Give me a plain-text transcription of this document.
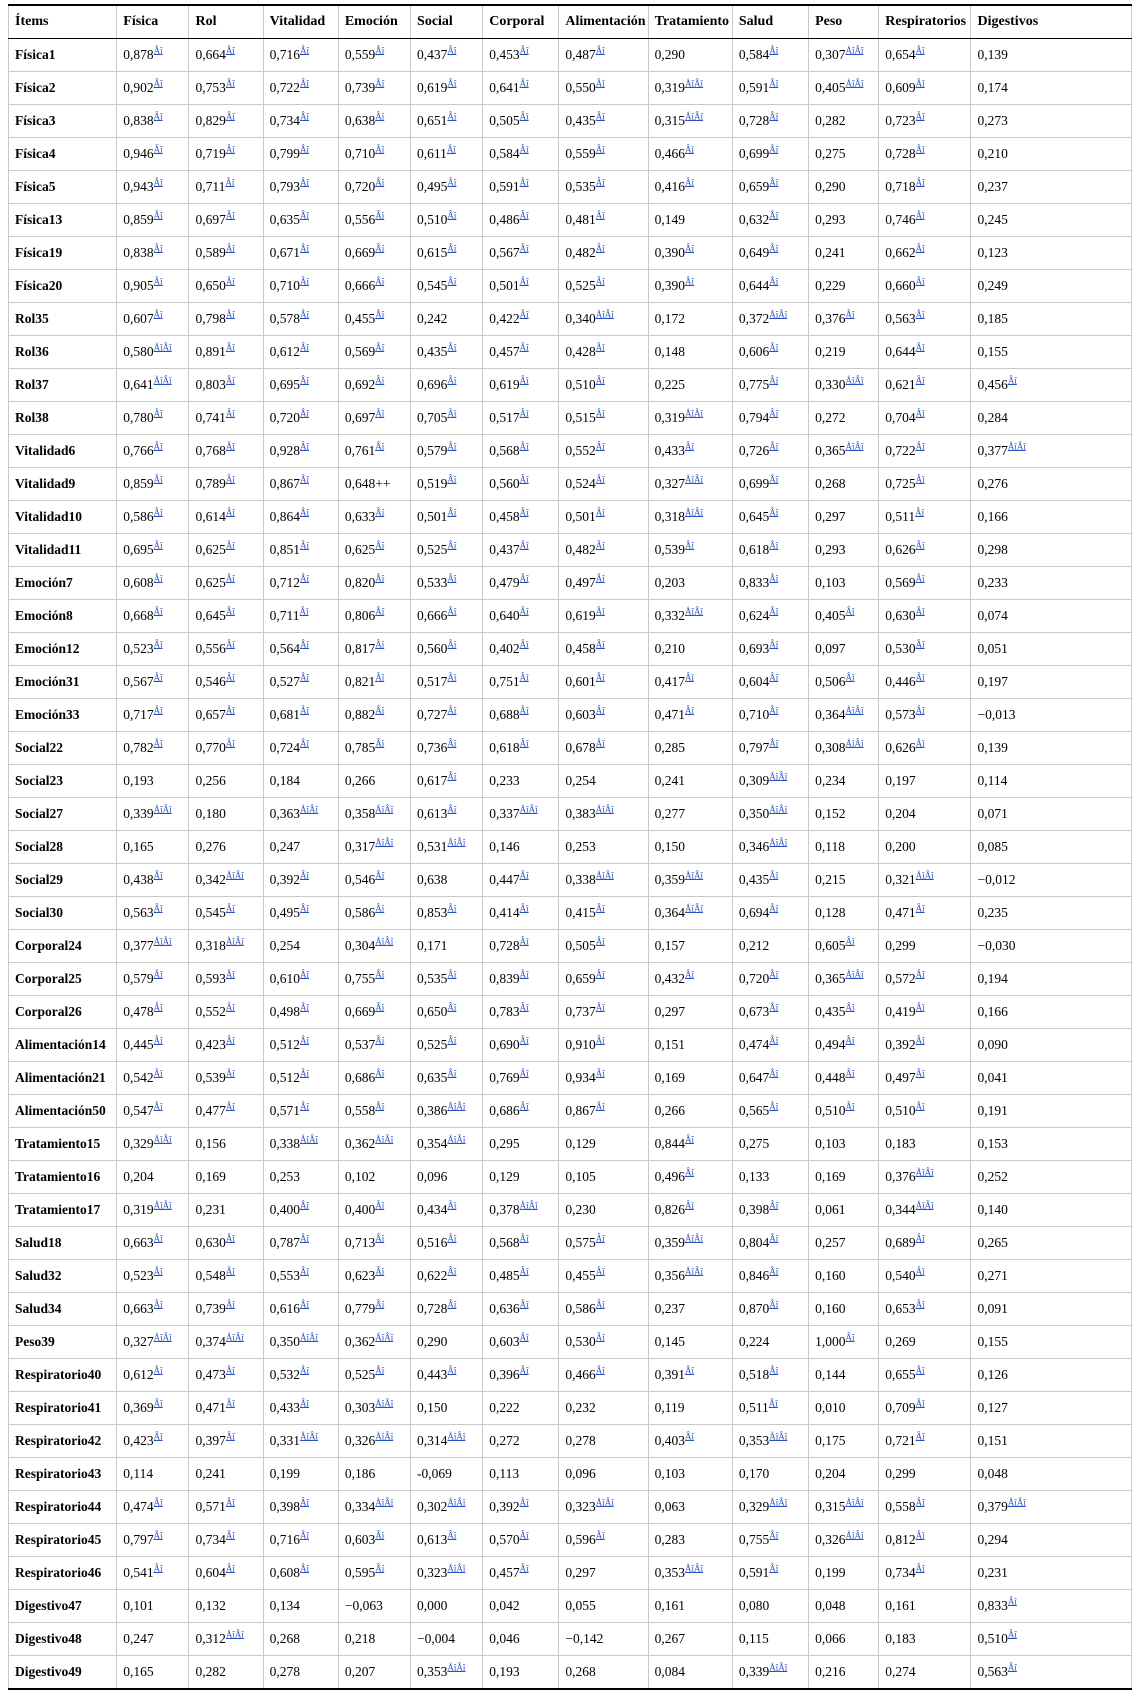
Ítems	Física	Rol	Vitalidad	Emoción	Social	Corporal	Alimentación	Tratamiento	Salud	Peso	Respiratorios	Digestivos
Física1	0,878$^{Âî}$	0,664$^{Âî}$	0,716$^{Âî}$	0,559$^{Âî}$	0,437$^{Âî}$	0,453$^{Âî}$	0,487$^{Âî}$	0,290	0,584$^{Âî}$	0,307$^{ÅîÂî}$	0,654$^{Âî}$	0,139
Física2	0,902$^{Âî}$	0,753$^{Âî}$	0,722$^{Âî}$	0,739$^{Âî}$	0,619$^{Âî}$	0,641$^{Âî}$	0,550$^{Âî}$	0,319$^{ÅîÂî}$	0,591$^{Âî}$	0,405$^{ÅîÂî}$	0,609$^{Âî}$	0,174
Física3	0,838$^{Âî}$	0,829$^{Âî}$	0,734$^{Âî}$	0,638$^{Âî}$	0,651$^{Âî}$	0,505$^{Âî}$	0,435$^{Âî}$	0,315$^{ÅîÂî}$	0,728$^{Âî}$	0,282	0,723$^{Âî}$	0,273
Física4	0,946$^{Âî}$	0,719$^{Âî}$	0,799$^{Âî}$	0,710$^{Âî}$	0,611$^{Âî}$	0,584$^{Âî}$	0,559$^{Âî}$	0,466$^{Âî}$	0,699$^{Âî}$	0,275	0,728$^{Âî}$	0,210
Física5	0,943$^{Âî}$	0,711$^{Âî}$	0,793$^{Âî}$	0,720$^{Âî}$	0,495$^{Âî}$	0,591$^{Âî}$	0,535$^{Âî}$	0,416$^{Âî}$	0,659$^{Âî}$	0,290	0,718$^{Âî}$	0,237
Física13	0,859$^{Âî}$	0,697$^{Âî}$	0,635$^{Âî}$	0,556$^{Âî}$	0,510$^{Âî}$	0,486$^{Âî}$	0,481$^{Âî}$	0,149	0,632$^{Âî}$	0,293	0,746$^{Âî}$	0,245
Física19	0,838$^{Âî}$	0,589$^{Âî}$	0,671$^{Âî}$	0,669$^{Âî}$	0,615$^{Âî}$	0,567$^{Âî}$	0,482$^{Âî}$	0,390$^{Âî}$	0,649$^{Âî}$	0,241	0,662$^{Âî}$	0,123
Física20	0,905$^{Âî}$	0,650$^{Âî}$	0,710$^{Âî}$	0,666$^{Âî}$	0,545$^{Âî}$	0,501$^{Âî}$	0,525$^{Âî}$	0,390$^{Âî}$	0,644$^{Âî}$	0,229	0,660$^{Âî}$	0,249
Rol35	0,607$^{Âî}$	0,798$^{Âî}$	0,578$^{Âî}$	0,455$^{Âî}$	0,242	0,422$^{Âî}$	0,340$^{ÅîÂî}$	0,172	0,372$^{ÅîÂî}$	0,376$^{Âî}$	0,563$^{Âî}$	0,185
Rol36	0,580$^{ÅîÂî}$	0,891$^{Âî}$	0,612$^{Âî}$	0,569$^{Âî}$	0,435$^{Âî}$	0,457$^{Âî}$	0,428$^{Âî}$	0,148	0,606$^{Âî}$	0,219	0,644$^{Âî}$	0,155
Rol37	0,641$^{ÅîÂî}$	0,803$^{Âî}$	0,695$^{Âî}$	0,692$^{Âî}$	0,696$^{Âî}$	0,619$^{Âî}$	0,510$^{Âî}$	0,225	0,775$^{Âî}$	0,330$^{ÅîÂî}$	0,621$^{Âî}$	0,456$^{Âî}$
Rol38	0,780$^{Âî}$	0,741$^{Âî}$	0,720$^{Âî}$	0,697$^{Âî}$	0,705$^{Âî}$	0,517$^{Âî}$	0,515$^{Âî}$	0,319$^{ÅîÂî}$	0,794$^{Âî}$	0,272	0,704$^{Âî}$	0,284
Vitalidad6	0,766$^{Âî}$	0,768$^{Âî}$	0,928$^{Âî}$	0,761$^{Âî}$	0,579$^{Âî}$	0,568$^{Âî}$	0,552$^{Âî}$	0,433$^{Âî}$	0,726$^{Âî}$	0,365$^{ÅîÂî}$	0,722$^{Âî}$	0,377$^{ÅîÂî}$
Vitalidad9	0,859$^{Âî}$	0,789$^{Âî}$	0,867$^{Âî}$	0,648++	0,519$^{Âî}$	0,560$^{Âî}$	0,524$^{Âî}$	0,327$^{ÅîÂî}$	0,699$^{Âî}$	0,268	0,725$^{Âî}$	0,276
Vitalidad10	0,586$^{Âî}$	0,614$^{Âî}$	0,864$^{Âî}$	0,633$^{Âî}$	0,501$^{Âî}$	0,458$^{Âî}$	0,501$^{Âî}$	0,318$^{ÅîÂî}$	0,645$^{Âî}$	0,297	0,511$^{Âî}$	0,166
Vitalidad11	0,695$^{Âî}$	0,625$^{Âî}$	0,851$^{Âî}$	0,625$^{Âî}$	0,525$^{Âî}$	0,437$^{Âî}$	0,482$^{Âî}$	0,539$^{Âî}$	0,618$^{Âî}$	0,293	0,626$^{Âî}$	0,298
Emoción7	0,608$^{Âî}$	0,625$^{Âî}$	0,712$^{Âî}$	0,820$^{Âî}$	0,533$^{Âî}$	0,479$^{Âî}$	0,497$^{Âî}$	0,203	0,833$^{Âî}$	0,103	0,569$^{Âî}$	0,233
Emoción8	0,668$^{Âî}$	0,645$^{Âî}$	0,711$^{Âî}$	0,806$^{Âî}$	0,666$^{Âî}$	0,640$^{Âî}$	0,619$^{Âî}$	0,332$^{ÅîÂî}$	0,624$^{Âî}$	0,405$^{Âî}$	0,630$^{Âî}$	0,074
Emoción12	0,523$^{Âî}$	0,556$^{Âî}$	0,564$^{Âî}$	0,817$^{Âî}$	0,560$^{Âî}$	0,402$^{Âî}$	0,458$^{Âî}$	0,210	0,693$^{Âî}$	0,097	0,530$^{Âî}$	0,051
Emoción31	0,567$^{Âî}$	0,546$^{Âî}$	0,527$^{Âî}$	0,821$^{Âî}$	0,517$^{Âî}$	0,751$^{Âî}$	0,601$^{Âî}$	0,417$^{Âî}$	0,604$^{Âî}$	0,506$^{Âî}$	0,446$^{Âî}$	0,197
Emoción33	0,717$^{Âî}$	0,657$^{Âî}$	0,681$^{Âî}$	0,882$^{Âî}$	0,727$^{Âî}$	0,688$^{Âî}$	0,603$^{Âî}$	0,471$^{Âî}$	0,710$^{Âî}$	0,364$^{ÅîÂî}$	0,573$^{Âî}$	−0,013
Social22	0,782$^{Âî}$	0,770$^{Âî}$	0,724$^{Âî}$	0,785$^{Âî}$	0,736$^{Âî}$	0,618$^{Âî}$	0,678$^{Âî}$	0,285	0,797$^{Âî}$	0,308$^{ÅîÂî}$	0,626$^{Âî}$	0,139
Social23	0,193	0,256	0,184	0,266	0,617$^{Âî}$	0,233	0,254	0,241	0,309$^{ÅîÂî}$	0,234	0,197	0,114
Social27	0,339$^{ÅîÂî}$	0,180	0,363$^{ÅîÂî}$	0,358$^{ÅîÂî}$	0,613$^{Âî}$	0,337$^{ÅîÂî}$	0,383$^{ÅîÂî}$	0,277	0,350$^{ÅîÂî}$	0,152	0,204	0,071
Social28	0,165	0,276	0,247	0,317$^{ÅîÂî}$	0,531$^{ÅîÂî}$	0,146	0,253	0,150	0,346$^{ÅîÂî}$	0,118	0,200	0,085
Social29	0,438$^{Âî}$	0,342$^{ÅîÂî}$	0,392$^{Âî}$	0,546$^{Âî}$	0,638	0,447$^{Âî}$	0,338$^{ÅîÂî}$	0,359$^{ÅîÂî}$	0,435$^{Âî}$	0,215	0,321$^{ÅîÂî}$	−0,012
Social30	0,563$^{Âî}$	0,545$^{Âî}$	0,495$^{Âî}$	0,586$^{Âî}$	0,853$^{Âî}$	0,414$^{Âî}$	0,415$^{Âî}$	0,364$^{ÅîÂî}$	0,694$^{Âî}$	0,128	0,471$^{Âî}$	0,235
Corporal24	0,377$^{ÅîÂî}$	0,318$^{ÅîÂî}$	0,254	0,304$^{ÅîÂî}$	0,171	0,728$^{Âî}$	0,505$^{Âî}$	0,157	0,212	0,605$^{Âî}$	0,299	−0,030
Corporal25	0,579$^{Âî}$	0,593$^{Âî}$	0,610$^{Âî}$	0,755$^{Âî}$	0,535$^{Âî}$	0,839$^{Âî}$	0,659$^{Âî}$	0,432$^{Âî}$	0,720$^{Âî}$	0,365$^{ÅîÂî}$	0,572$^{Âî}$	0,194
Corporal26	0,478$^{Âî}$	0,552$^{Âî}$	0,498$^{Âî}$	0,669$^{Âî}$	0,650$^{Âî}$	0,783$^{Âî}$	0,737$^{Âî}$	0,297	0,673$^{Âî}$	0,435$^{Âî}$	0,419$^{Âî}$	0,166
Alimentación14	0,445$^{Âî}$	0,423$^{Âî}$	0,512$^{Âî}$	0,537$^{Âî}$	0,525$^{Âî}$	0,690$^{Âî}$	0,910$^{Âî}$	0,151	0,474$^{Âî}$	0,494$^{Âî}$	0,392$^{Âî}$	0,090
Alimentación21	0,542$^{Âî}$	0,539$^{Âî}$	0,512$^{Âî}$	0,686$^{Âî}$	0,635$^{Âî}$	0,769$^{Âî}$	0,934$^{Âî}$	0,169	0,647$^{Âî}$	0,448$^{Âî}$	0,497$^{Âî}$	0,041
Alimentación50	0,547$^{Âî}$	0,477$^{Âî}$	0,571$^{Âî}$	0,558$^{Âî}$	0,386$^{ÅîÂî}$	0,686$^{Âî}$	0,867$^{Âî}$	0,266	0,565$^{Âî}$	0,510$^{Âî}$	0,510$^{Âî}$	0,191
Tratamiento15	0,329$^{ÅîÂî}$	0,156	0,338$^{ÅîÂî}$	0,362$^{ÅîÂî}$	0,354$^{ÅîÂî}$	0,295	0,129	0,844$^{Âî}$	0,275	0,103	0,183	0,153
Tratamiento16	0,204	0,169	0,253	0,102	0,096	0,129	0,105	0,496$^{Âî}$	0,133	0,169	0,376$^{ÅîÂî}$	0,252
Tratamiento17	0,319$^{ÅîÂî}$	0,231	0,400$^{Âî}$	0,400$^{Âî}$	0,434$^{Âî}$	0,378$^{ÅîÂî}$	0,230	0,826$^{Âî}$	0,398$^{Âî}$	0,061	0,344$^{ÅîÂî}$	0,140
Salud18	0,663$^{Âî}$	0,630$^{Âî}$	0,787$^{Âî}$	0,713$^{Âî}$	0,516$^{Âî}$	0,568$^{Âî}$	0,575$^{Âî}$	0,359$^{ÅîÂî}$	0,804$^{Âî}$	0,257	0,689$^{Âî}$	0,265
Salud32	0,523$^{Âî}$	0,548$^{Âî}$	0,553$^{Âî}$	0,623$^{Âî}$	0,622$^{Âî}$	0,485$^{Âî}$	0,455$^{Âî}$	0,356$^{ÅîÂî}$	0,846$^{Âî}$	0,160	0,540$^{Âî}$	0,271
Salud34	0,663$^{Âî}$	0,739$^{Âî}$	0,616$^{Âî}$	0,779$^{Âî}$	0,728$^{Âî}$	0,636$^{Âî}$	0,586$^{Âî}$	0,237	0,870$^{Âî}$	0,160	0,653$^{Âî}$	0,091
Peso39	0,327$^{ÅîÂî}$	0,374$^{ÅîÂî}$	0,350$^{ÅîÂî}$	0,362$^{ÅîÂî}$	0,290	0,603$^{Âî}$	0,530$^{Âî}$	0,145	0,224	1,000$^{Âî}$	0,269	0,155
Respiratorio40	0,612$^{Âî}$	0,473$^{Âî}$	0,532$^{Âî}$	0,525$^{Âî}$	0,443$^{Âî}$	0,396$^{Âî}$	0,466$^{Âî}$	0,391$^{Âî}$	0,518$^{Âî}$	0,144	0,655$^{Âî}$	0,126
Respiratorio41	0,369$^{Âî}$	0,471$^{Âî}$	0,433$^{Âî}$	0,303$^{ÅîÂî}$	0,150	0,222	0,232	0,119	0,511$^{Âî}$	0,010	0,709$^{Âî}$	0,127
Respiratorio42	0,423$^{Âî}$	0,397$^{Âî}$	0,331$^{ÅîÂî}$	0,326$^{ÅîÂî}$	0,314$^{ÅîÂî}$	0,272	0,278	0,403$^{Âî}$	0,353$^{ÅîÂî}$	0,175	0,721$^{Âî}$	0,151
Respiratorio43	0,114	0,241	0,199	0,186	-0,069	0,113	0,096	0,103	0,170	0,204	0,299	0,048
Respiratorio44	0,474$^{Âî}$	0,571$^{Âî}$	0,398$^{Âî}$	0,334$^{ÅîÂî}$	0,302$^{ÅîÂî}$	0,392$^{Âî}$	0,323$^{ÅîÂî}$	0,063	0,329$^{ÅîÂî}$	0,315$^{ÅîÂî}$	0,558$^{Âî}$	0,379$^{ÅîÂî}$
Respiratorio45	0,797$^{Âî}$	0,734$^{Âî}$	0,716$^{Âî}$	0,603$^{Âî}$	0,613$^{Âî}$	0,570$^{Âî}$	0,596$^{Âî}$	0,283	0,755$^{Âî}$	0,326$^{ÅîÂî}$	0,812$^{Âî}$	0,294
Respiratorio46	0,541$^{Âî}$	0,604$^{Âî}$	0,608$^{Âî}$	0,595$^{Âî}$	0,323$^{ÅîÂî}$	0,457$^{Âî}$	0,297	0,353$^{ÅîÂî}$	0,591$^{Âî}$	0,199	0,734$^{Âî}$	0,231
Digestivo47	0,101	0,132	0,134	−0,063	0,000	0,042	0,055	0,161	0,080	0,048	0,161	0,833$^{Âî}$
Digestivo48	0,247	0,312$^{ÅîÂî}$	0,268	0,218	−0,004	0,046	−0,142	0,267	0,115	0,066	0,183	0,510$^{Âî}$
Digestivo49	0,165	0,282	0,278	0,207	0,353$^{ÅîÂî}$	0,193	0,268	0,084	0,339$^{ÅîÂî}$	0,216	0,274	0,563$^{Âî}$
